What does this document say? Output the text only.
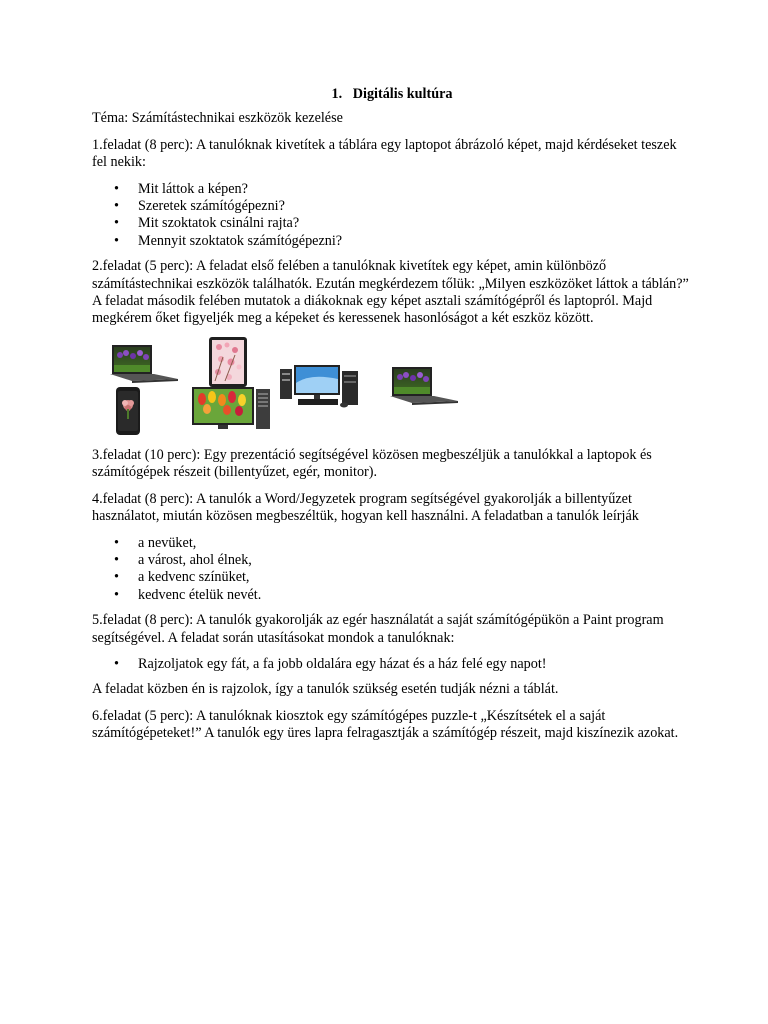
1. Digitális kultúra

Téma: Számítástechnikai eszközök kezelése

1.feladat (8 perc): A tanulóknak kivetítek a táblára egy laptopot ábrázoló képet, majd kérdéseket teszek fel nekik:

• Mit láttok a képen?
• Szeretek számítógépezni?
• Mit szoktatok csinálni rajta?
• Mennyit szoktatok számítógépezni?

2.feladat (5 perc): A feladat első felében a tanulóknak kivetítek egy képet, amin különböző számítástechnikai eszközök találhatók. Ezután megkérdezem tőlük: „Milyen eszközöket láttok a táblán?” A feladat második felében mutatok a diákoknak egy képet asztali számítógépről és laptopról. Majd megkérem őket figyeljék meg a képeket és keressenek hasonlóságot a két eszköz között.

3.feladat (10 perc): Egy prezentáció segítségével közösen megbeszéljük a tanulókkal a laptopok és számítógépek részeit (billentyűzet, egér, monitor).

4.feladat (8 perc): A tanulók a Word/Jegyzetek program segítségével gyakorolják a billentyűzet használatot, miután közösen megbeszéltük, hogyan kell használni. A feladatban a tanulók leírják

• a nevüket,
• a várost, ahol élnek,
• a kedvenc színüket,
• kedvenc ételük nevét.

5.feladat (8 perc): A tanulók gyakorolják az egér használatát a saját számítógépükön a Paint program segítségével. A feladat során utasításokat mondok a tanulóknak:

• Rajzoljatok egy fát, a fa jobb oldalára egy házat és a ház felé egy napot!

A feladat közben én is rajzolok, így a tanulók szükség esetén tudják nézni a táblát.

6.feladat (5 perc): A tanulóknak kiosztok egy számítógépes puzzle-t „Készítsétek el a saját számítógépeteket!” A tanulók egy üres lapra felragasztják a számítógép részeit, majd kiszínezik azokat.
